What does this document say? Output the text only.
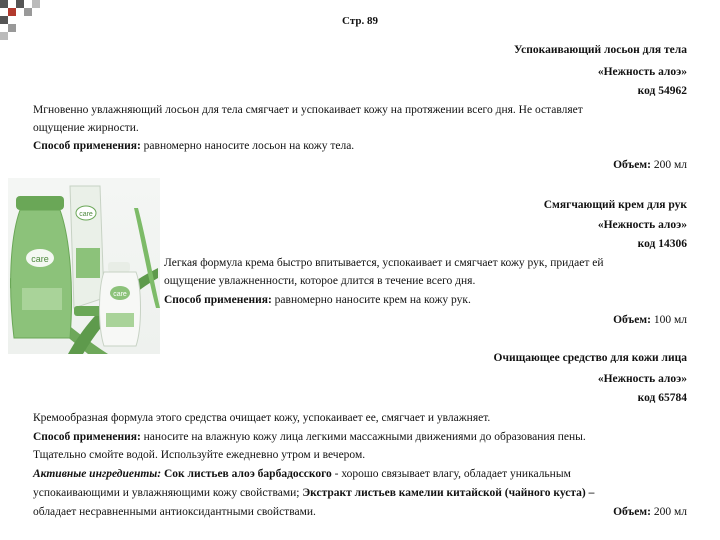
Стр. 89
Успокаивающий лосьон для тела
«Нежность алоэ»
код 54962
Мгновенно увлажняющий лосьон для тела смягчает и успокаивает кожу на протяжении всего дня. Не оставляет
ощущение жирности.
Способ применения: равномерно наносите лосьон на кожу тела.
Объем: 200 мл
care
care
care
Смягчающий крем для рук
«Нежность алоэ»
код 14306
Легкая формула крема быстро впитывается, успокаивает и смягчает кожу рук, придает ей
ощущение увлажненности, которое длится в течение всего дня.
Способ применения: равномерно наносите крем на кожу рук.
Объем: 100 мл
Очищающее средство для кожи лица
«Нежность алоэ»
код 65784
Кремообразная формула этого средства очищает кожу, успокаивает ее, смягчает и увлажняет.
Способ применения: наносите на влажную кожу лица легкими массажными движениями до образования пены.
Тщательно смойте водой. Используйте ежедневно утром и вечером.
Активные ингредиенты: Сок листьев алоэ барбадосского - хорошо связывает влагу, обладает уникальным
успокаивающими и увлажняющими кожу свойствами; Экстракт листьев камелии китайской (чайного куста) –
обладает несравненными антиоксидантными свойствами.	Объем: 200 мл
